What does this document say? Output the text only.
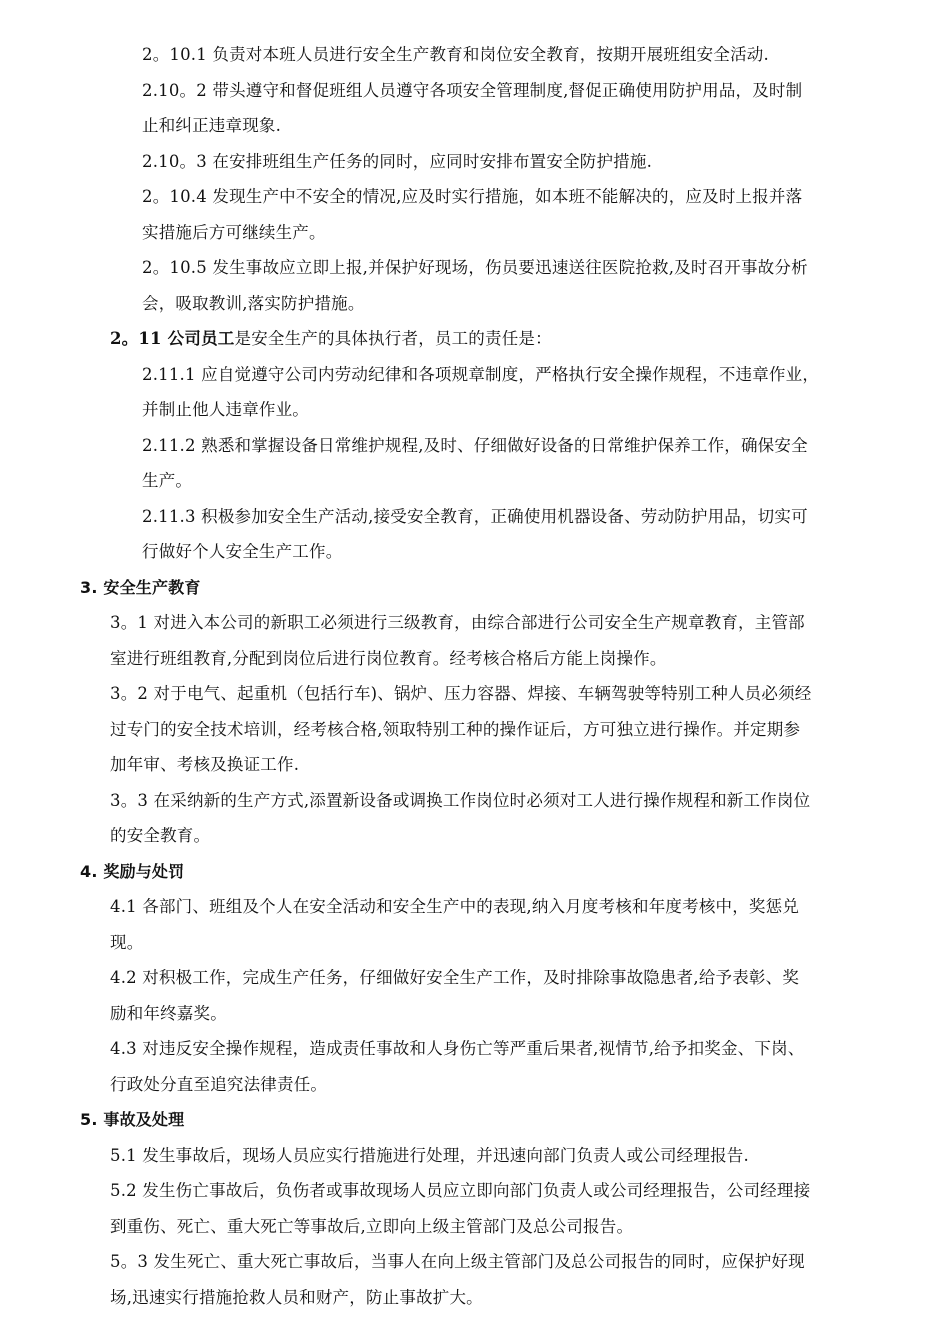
2。10.1 负责对本班人员进行安全生产教育和岗位安全教育，按期开展班组安全活动.
2.10。2 带头遵守和督促班组人员遵守各项安全管理制度,督促正确使用防护用品，及时制
止和纠正违章现象.
2.10。3 在安排班组生产任务的同时，应同时安排布置安全防护措施.
2。10.4 发现生产中不安全的情况,应及时实行措施，如本班不能解决的，应及时上报并落
实措施后方可继续生产。
2。10.5 发生事故应立即上报,并保护好现场，伤员要迅速送往医院抢救,及时召开事故分析
会，吸取教训,落实防护措施。
2。11 公司员工是安全生产的具体执行者，员工的责任是：
2.11.1 应自觉遵守公司内劳动纪律和各项规章制度，严格执行安全操作规程，不违章作业，
并制止他人违章作业。
2.11.2 熟悉和掌握设备日常维护规程,及时、仔细做好设备的日常维护保养工作，确保安全
生产。
2.11.3 积极参加安全生产活动,接受安全教育，正确使用机器设备、劳动防护用品，切实可
行做好个人安全生产工作。
3. 安全生产教育
3。1 对进入本公司的新职工必须进行三级教育，由综合部进行公司安全生产规章教育，主管部
室进行班组教育,分配到岗位后进行岗位教育。经考核合格后方能上岗操作。
3。2 对于电气、起重机（包括行车)、锅炉、压力容器、焊接、车辆驾驶等特别工种人员必须经
过专门的安全技术培训，经考核合格,领取特别工种的操作证后，方可独立进行操作。并定期参
加年审、考核及换证工作.
3。3 在采纳新的生产方式,添置新设备或调换工作岗位时必须对工人进行操作规程和新工作岗位
的安全教育。
4. 奖励与处罚
4.1 各部门、班组及个人在安全活动和安全生产中的表现,纳入月度考核和年度考核中，奖惩兑
现。
4.2 对积极工作，完成生产任务，仔细做好安全生产工作，及时排除事故隐患者,给予表彰、奖
励和年终嘉奖。
4.3 对违反安全操作规程，造成责任事故和人身伤亡等严重后果者,视情节,给予扣奖金、下岗、
行政处分直至追究法律责任。
5. 事故及处理
5.1 发生事故后，现场人员应实行措施进行处理，并迅速向部门负责人或公司经理报告.
5.2 发生伤亡事故后，负伤者或事故现场人员应立即向部门负责人或公司经理报告，公司经理接
到重伤、死亡、重大死亡等事故后,立即向上级主管部门及总公司报告。
5。3 发生死亡、重大死亡事故后，当事人在向上级主管部门及总公司报告的同时，应保护好现
场,迅速实行措施抢救人员和财产，防止事故扩大。
